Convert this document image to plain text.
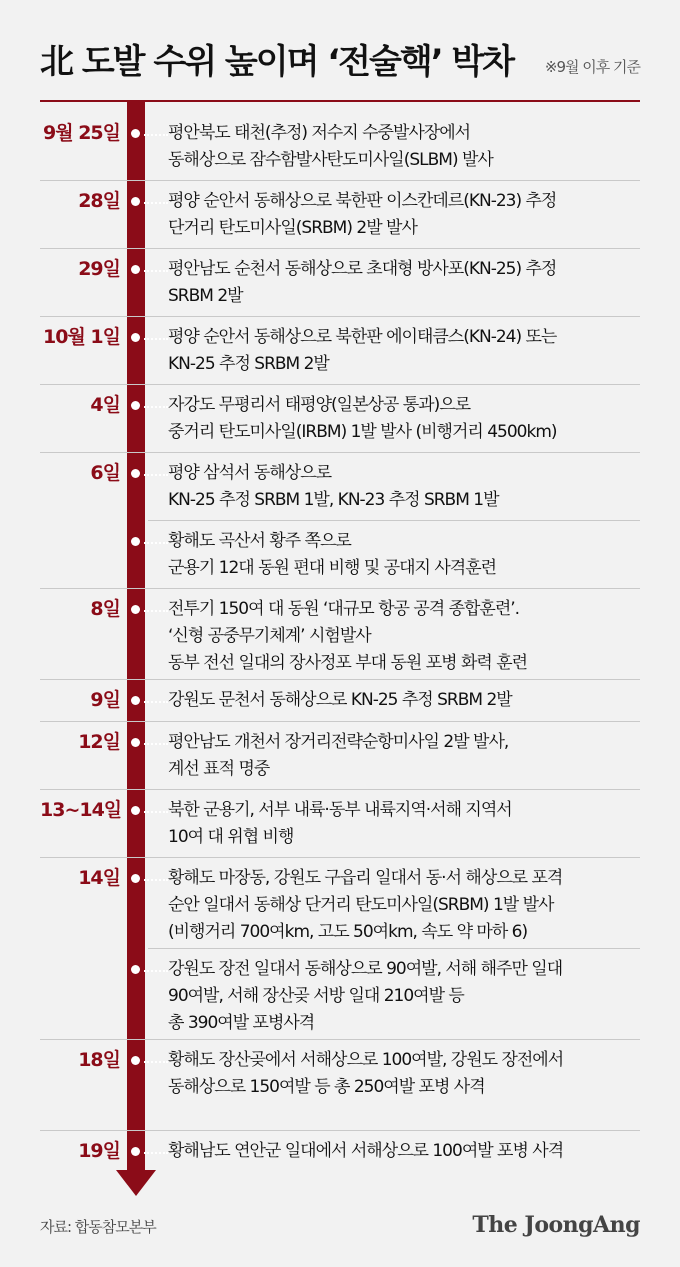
北 도발 수위 높이며 ‘전술핵’ 박차 ※9월 이후 기준
9월 25일	평안북도 태천(추정) 저수지 수중발사장에서
동해상으로 잠수함발사탄도미사일(SLBM) 발사
28일	평양 순안서 동해상으로 북한판 이스칸데르(KN-23) 추정
단거리 탄도미사일(SRBM) 2발 발사
29일	평안남도 순천서 동해상으로 초대형 방사포(KN-25) 추정
SRBM 2발
10월 1일	평양 순안서 동해상으로 북한판 에이태큼스(KN-24) 또는
KN-25 추정 SRBM 2발
4일	자강도 무평리서 태평양(일본상공 통과)으로
중거리 탄도미사일(IRBM) 1발 발사 (비행거리 4500km)
6일	평양 삼석서 동해상으로
KN-25 추정 SRBM 1발, KN-23 추정 SRBM 1발
황해도 곡산서 황주 쪽으로
군용기 12대 동원 편대 비행 및 공대지 사격훈련
8일	전투기 150여 대 동원 ‘대규모 항공 공격 종합훈련’.
‘신형 공중무기체계’ 시험발사
동부 전선 일대의 장사정포 부대 동원 포병 화력 훈련
9일	강원도 문천서 동해상으로 KN-25 추정 SRBM 2발
12일	평안남도 개천서 장거리전략순항미사일 2발 발사,
계선 표적 명중
13~14일	북한 군용기, 서부 내륙·동부 내륙지역·서해 지역서
10여 대 위협 비행
14일	황해도 마장동, 강원도 구읍리 일대서 동·서 해상으로 포격
순안 일대서 동해상 단거리 탄도미사일(SRBM) 1발 발사
(비행거리 700여km, 고도 50여km, 속도 약 마하 6)
강원도 장전 일대서 동해상으로 90여발, 서해 해주만 일대
90여발, 서해 장산곶 서방 일대 210여발 등
총 390여발 포병사격
18일	황해도 장산곶에서 서해상으로 100여발, 강원도 장전에서
동해상으로 150여발 등 총 250여발 포병 사격
19일	황해남도 연안군 일대에서 서해상으로 100여발 포병 사격
자료: 합동참모본부	The JoongAng
